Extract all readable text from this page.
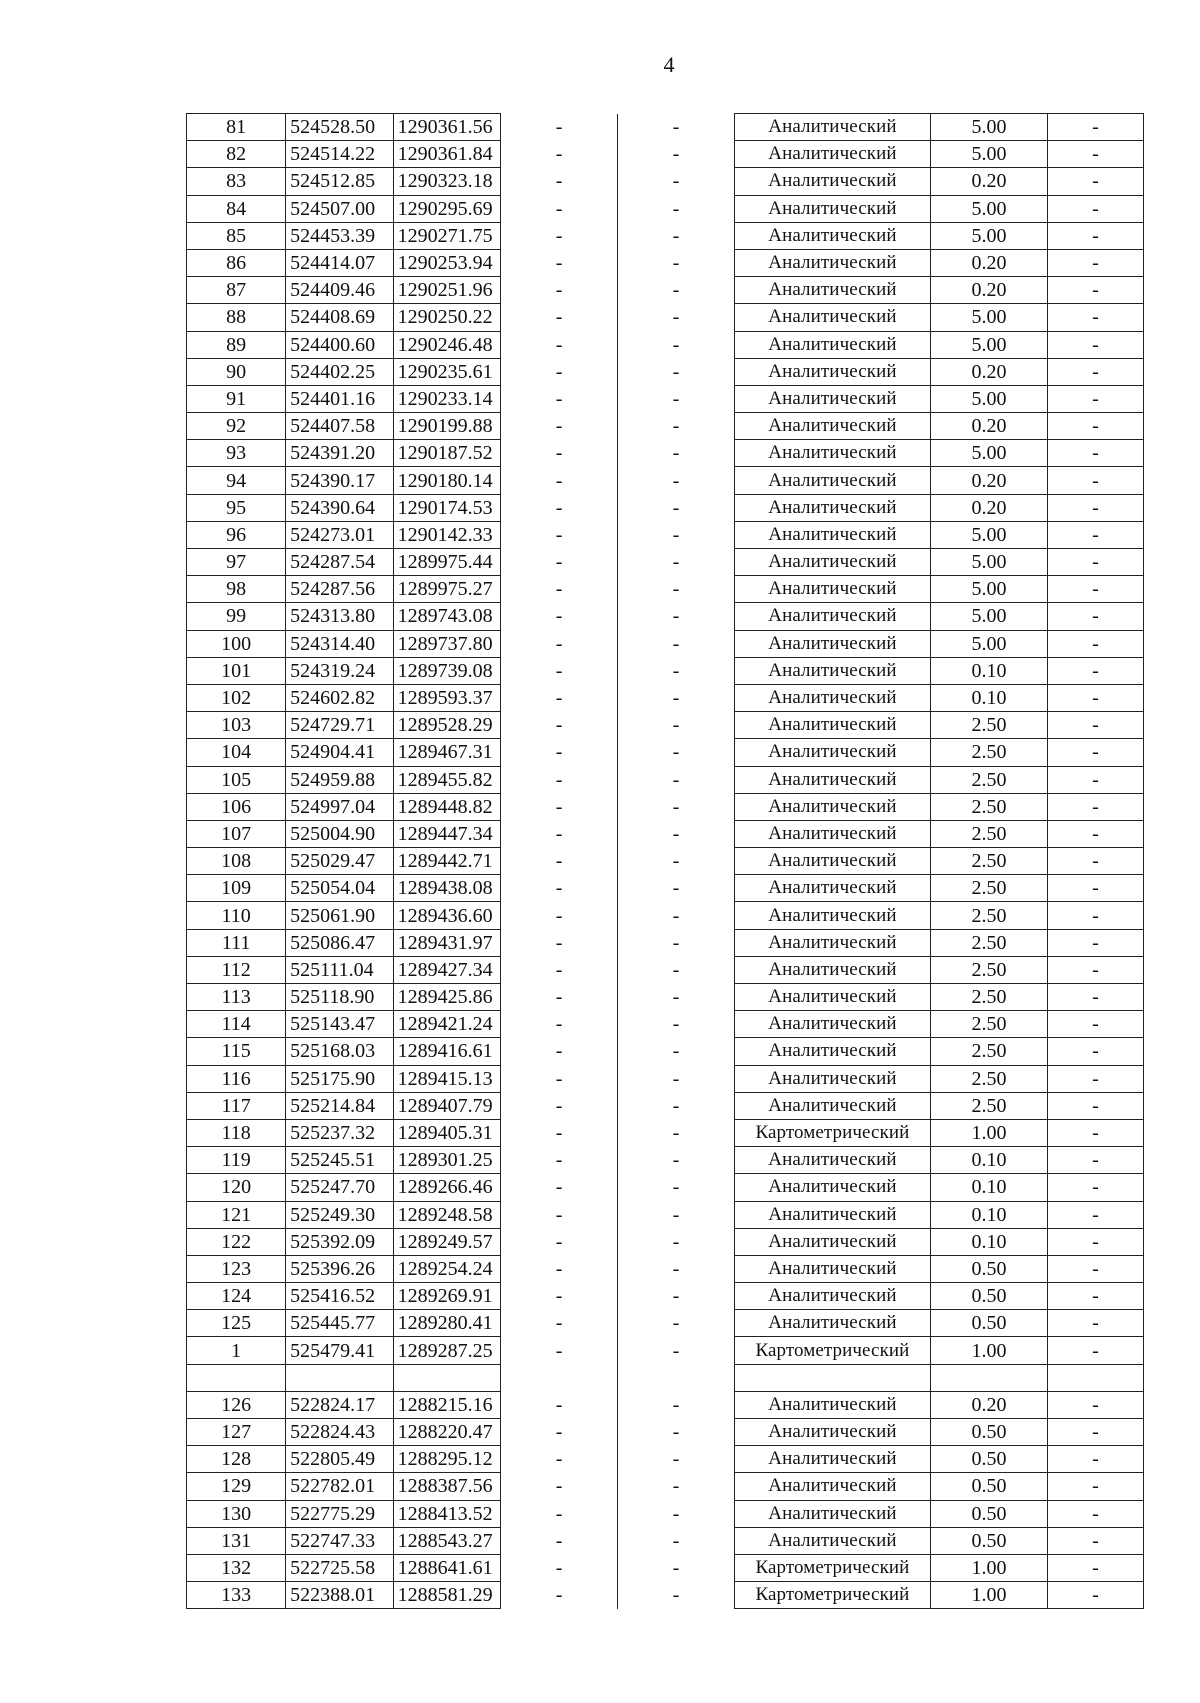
4
81	524528.50	1290361.56	-	-	Аналитический	5.00	-
82	524514.22	1290361.84	-	-	Аналитический	5.00	-
83	524512.85	1290323.18	-	-	Аналитический	0.20	-
84	524507.00	1290295.69	-	-	Аналитический	5.00	-
85	524453.39	1290271.75	-	-	Аналитический	5.00	-
86	524414.07	1290253.94	-	-	Аналитический	0.20	-
87	524409.46	1290251.96	-	-	Аналитический	0.20	-
88	524408.69	1290250.22	-	-	Аналитический	5.00	-
89	524400.60	1290246.48	-	-	Аналитический	5.00	-
90	524402.25	1290235.61	-	-	Аналитический	0.20	-
91	524401.16	1290233.14	-	-	Аналитический	5.00	-
92	524407.58	1290199.88	-	-	Аналитический	0.20	-
93	524391.20	1290187.52	-	-	Аналитический	5.00	-
94	524390.17	1290180.14	-	-	Аналитический	0.20	-
95	524390.64	1290174.53	-	-	Аналитический	0.20	-
96	524273.01	1290142.33	-	-	Аналитический	5.00	-
97	524287.54	1289975.44	-	-	Аналитический	5.00	-
98	524287.56	1289975.27	-	-	Аналитический	5.00	-
99	524313.80	1289743.08	-	-	Аналитический	5.00	-
100	524314.40	1289737.80	-	-	Аналитический	5.00	-
101	524319.24	1289739.08	-	-	Аналитический	0.10	-
102	524602.82	1289593.37	-	-	Аналитический	0.10	-
103	524729.71	1289528.29	-	-	Аналитический	2.50	-
104	524904.41	1289467.31	-	-	Аналитический	2.50	-
105	524959.88	1289455.82	-	-	Аналитический	2.50	-
106	524997.04	1289448.82	-	-	Аналитический	2.50	-
107	525004.90	1289447.34	-	-	Аналитический	2.50	-
108	525029.47	1289442.71	-	-	Аналитический	2.50	-
109	525054.04	1289438.08	-	-	Аналитический	2.50	-
110	525061.90	1289436.60	-	-	Аналитический	2.50	-
111	525086.47	1289431.97	-	-	Аналитический	2.50	-
112	525111.04	1289427.34	-	-	Аналитический	2.50	-
113	525118.90	1289425.86	-	-	Аналитический	2.50	-
114	525143.47	1289421.24	-	-	Аналитический	2.50	-
115	525168.03	1289416.61	-	-	Аналитический	2.50	-
116	525175.90	1289415.13	-	-	Аналитический	2.50	-
117	525214.84	1289407.79	-	-	Аналитический	2.50	-
118	525237.32	1289405.31	-	-	Картометрический	1.00	-
119	525245.51	1289301.25	-	-	Аналитический	0.10	-
120	525247.70	1289266.46	-	-	Аналитический	0.10	-
121	525249.30	1289248.58	-	-	Аналитический	0.10	-
122	525392.09	1289249.57	-	-	Аналитический	0.10	-
123	525396.26	1289254.24	-	-	Аналитический	0.50	-
124	525416.52	1289269.91	-	-	Аналитический	0.50	-
125	525445.77	1289280.41	-	-	Аналитический	0.50	-
1	525479.41	1289287.25	-	-	Картометрический	1.00	-

126	522824.17	1288215.16	-	-	Аналитический	0.20	-
127	522824.43	1288220.47	-	-	Аналитический	0.50	-
128	522805.49	1288295.12	-	-	Аналитический	0.50	-
129	522782.01	1288387.56	-	-	Аналитический	0.50	-
130	522775.29	1288413.52	-	-	Аналитический	0.50	-
131	522747.33	1288543.27	-	-	Аналитический	0.50	-
132	522725.58	1288641.61	-	-	Картометрический	1.00	-
133	522388.01	1288581.29	-	-	Картометрический	1.00	-
